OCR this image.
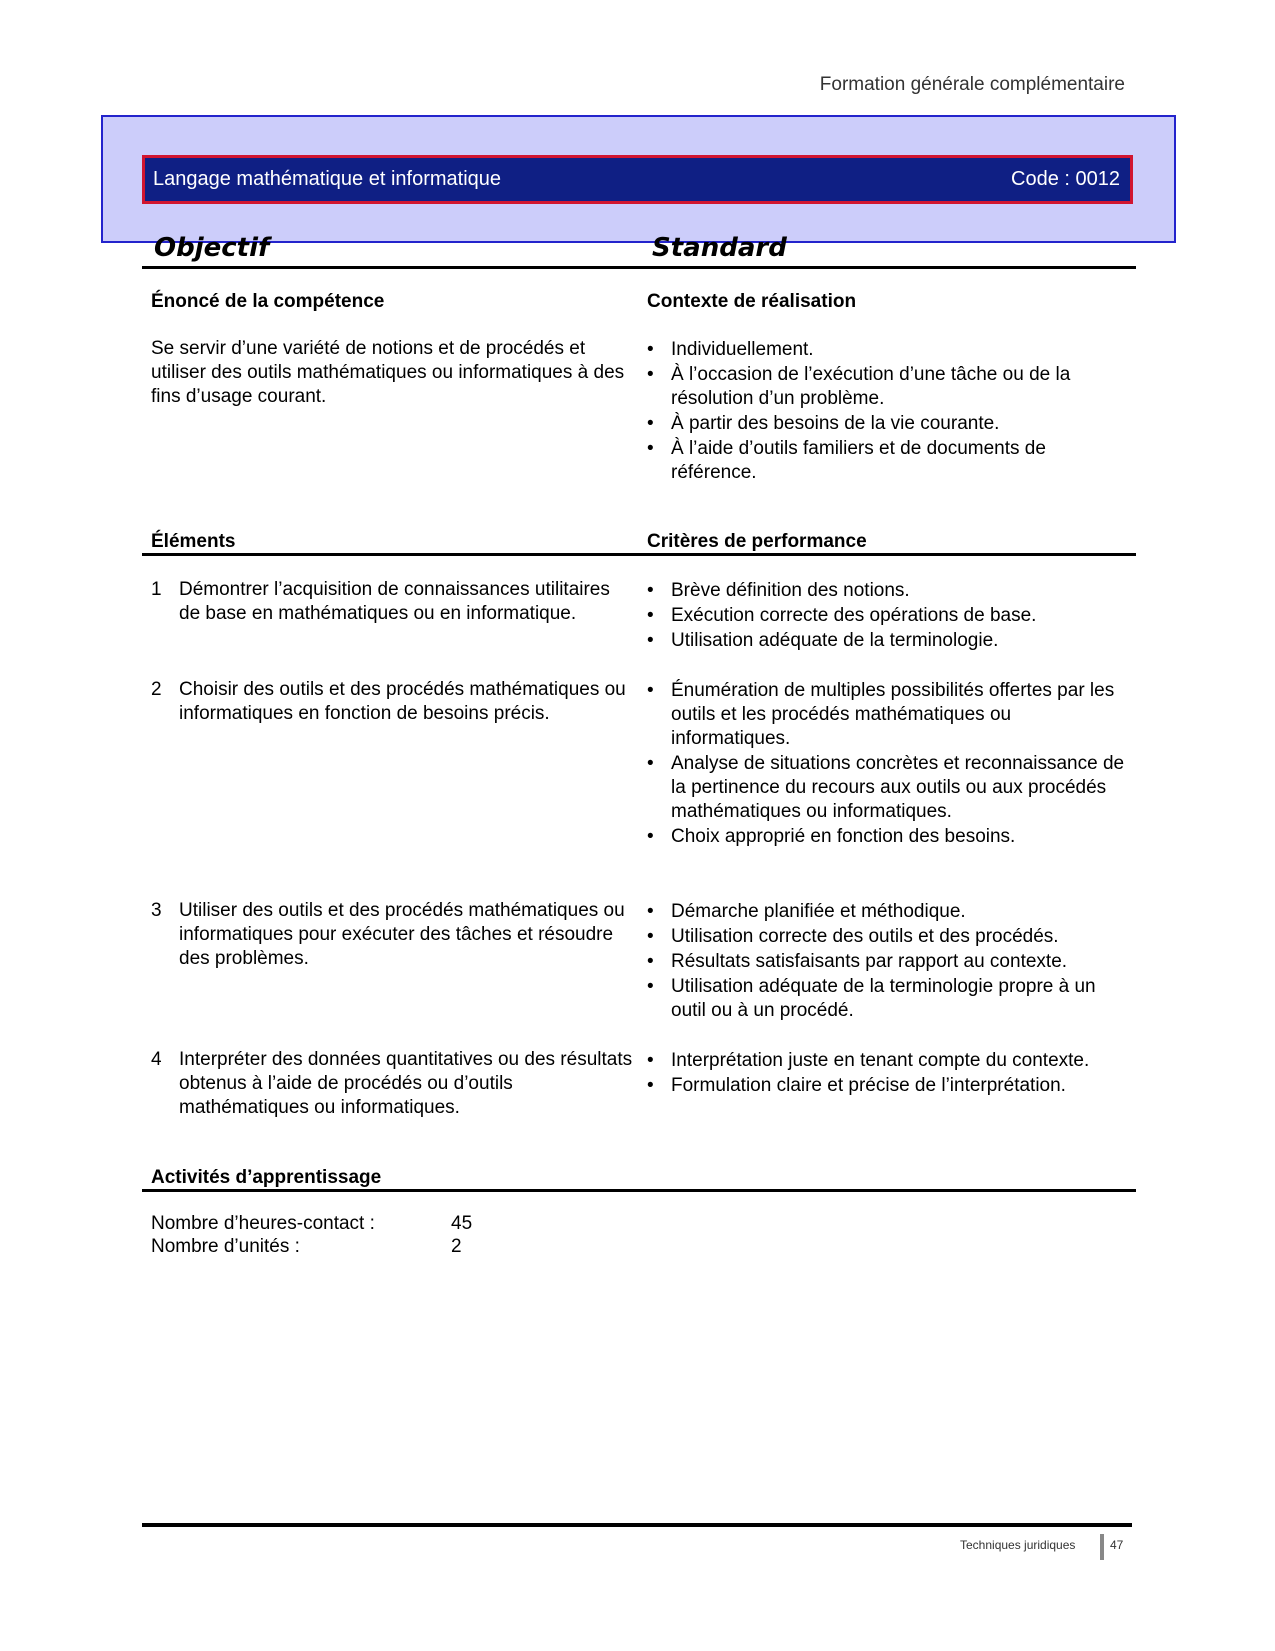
Formation générale complémentaire
Langage mathématique et informatique	Code : 0012
Objectif	Standard
Énoncé de la compétence	Contexte de réalisation
Se servir d’une variété de notions et de procédés et utiliser des outils mathématiques ou informatiques à des fins d’usage courant.
• Individuellement.
• À l’occasion de l’exécution d’une tâche ou de la résolution d’un problème.
• À partir des besoins de la vie courante.
• À l’aide d’outils familiers et de documents de référence.
Éléments	Critères de performance
1 Démontrer l’acquisition de connaissances utilitaires de base en mathématiques ou en informatique.
• Brève définition des notions.
• Exécution correcte des opérations de base.
• Utilisation adéquate de la terminologie.
2 Choisir des outils et des procédés mathématiques ou informatiques en fonction de besoins précis.
• Énumération de multiples possibilités offertes par les outils et les procédés mathématiques ou informatiques.
• Analyse de situations concrètes et reconnaissance de la pertinence du recours aux outils ou aux procédés mathématiques ou informatiques.
• Choix approprié en fonction des besoins.
3 Utiliser des outils et des procédés mathématiques ou informatiques pour exécuter des tâches et résoudre des problèmes.
• Démarche planifiée et méthodique.
• Utilisation correcte des outils et des procédés.
• Résultats satisfaisants par rapport au contexte.
• Utilisation adéquate de la terminologie propre à un outil ou à un procédé.
4 Interpréter des données quantitatives ou des résultats obtenus à l’aide de procédés ou d’outils mathématiques ou informatiques.
• Interprétation juste en tenant compte du contexte.
• Formulation claire et précise de l’interprétation.
Activités d’apprentissage
Nombre d’heures-contact :	45
Nombre d’unités :	2
Techniques juridiques	47
